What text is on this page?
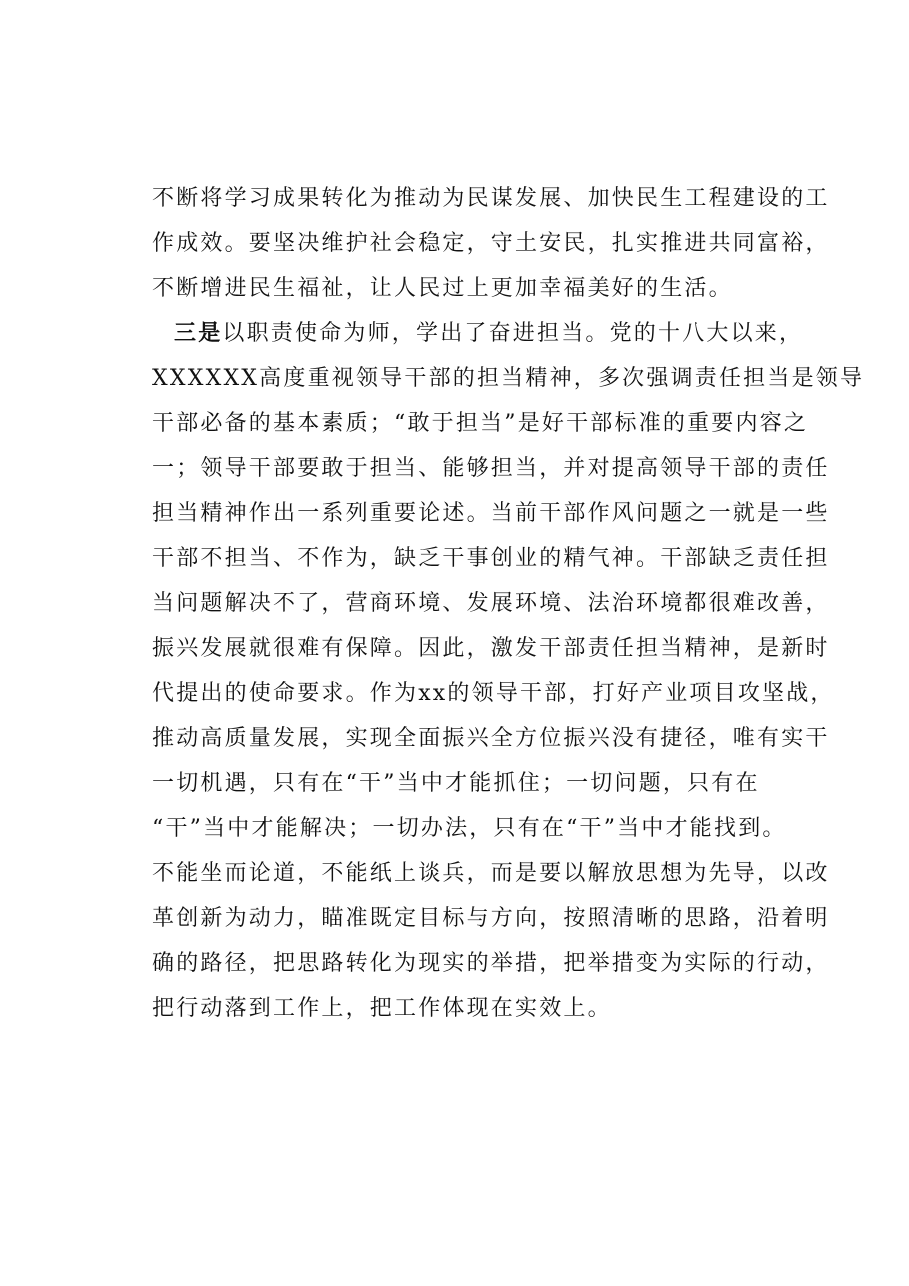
不断将学习成果转化为推动为民谋发展、加快民生工程建设的工
作成效。要坚决维护社会稳定，守土安民，扎实推进共同富裕，
不断增进民生福祉，让人民过上更加幸福美好的生活。
三是以职责使命为师，学出了奋进担当。党的十八大以来，
XXXXXX高度重视领导干部的担当精神，多次强调责任担当是领导
干部必备的基本素质；“敢于担当”是好干部标准的重要内容之
一；领导干部要敢于担当、能够担当，并对提高领导干部的责任
担当精神作出一系列重要论述。当前干部作风问题之一就是一些
干部不担当、不作为，缺乏干事创业的精气神。干部缺乏责任担
当问题解决不了，营商环境、发展环境、法治环境都很难改善，
振兴发展就很难有保障。因此，激发干部责任担当精神，是新时
代提出的使命要求。作为xx的领导干部，打好产业项目攻坚战，
推动高质量发展，实现全面振兴全方位振兴没有捷径，唯有实干
一切机遇，只有在“干”当中才能抓住；一切问题，只有在
“干”当中才能解决；一切办法，只有在“干”当中才能找到。
不能坐而论道，不能纸上谈兵，而是要以解放思想为先导，以改
革创新为动力，瞄准既定目标与方向，按照清晰的思路，沿着明
确的路径，把思路转化为现实的举措，把举措变为实际的行动，
把行动落到工作上，把工作体现在实效上。
